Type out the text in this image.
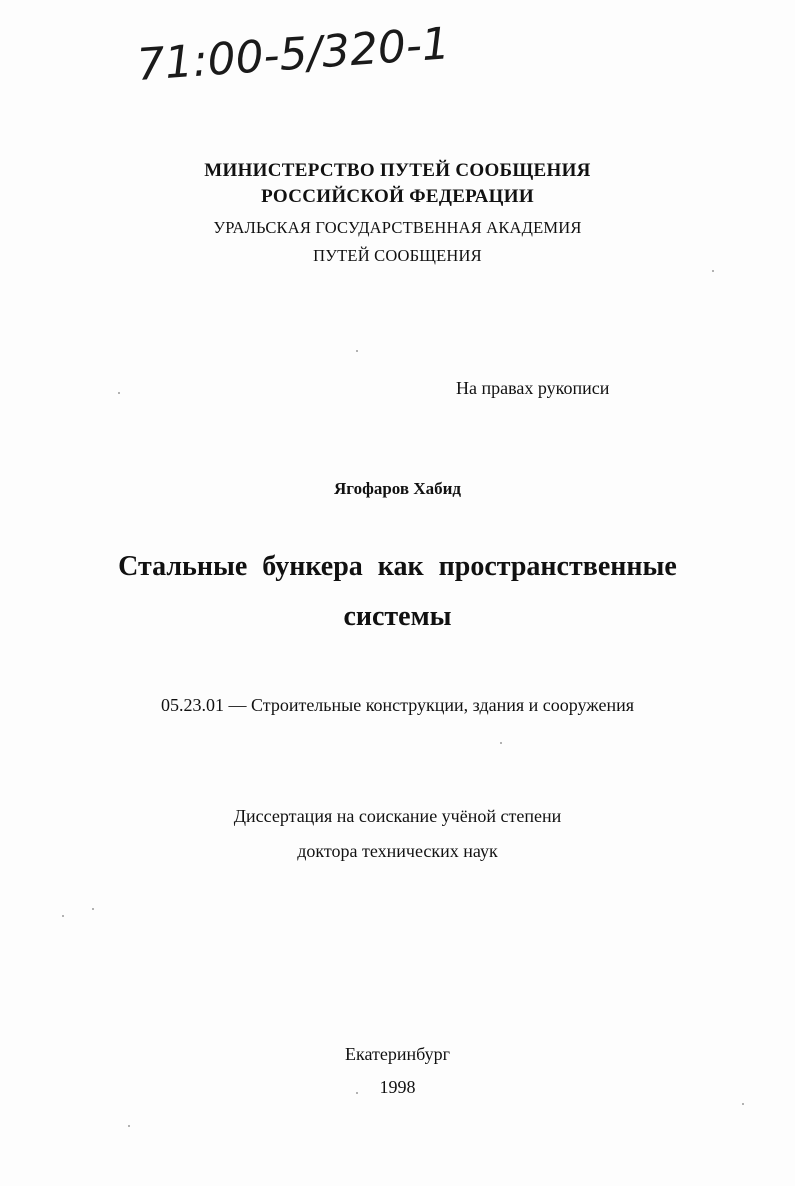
71:00-5/320-1
МИНИСТЕРСТВО ПУТЕЙ СООБЩЕНИЯ
РОССИЙСКОЙ ФЕДЕРАЦИИ
УРАЛЬСКАЯ ГОСУДАРСТВЕННАЯ АКАДЕМИЯ
ПУТЕЙ СООБЩЕНИЯ
На правах рукописи
Ягофаров Хабид
Стальные бункера как пространственные
системы
05.23.01 — Строительные конструкции, здания и сооружения
Диссертация на соискание учёной степени
доктора технических наук
Екатеринбург
1998
